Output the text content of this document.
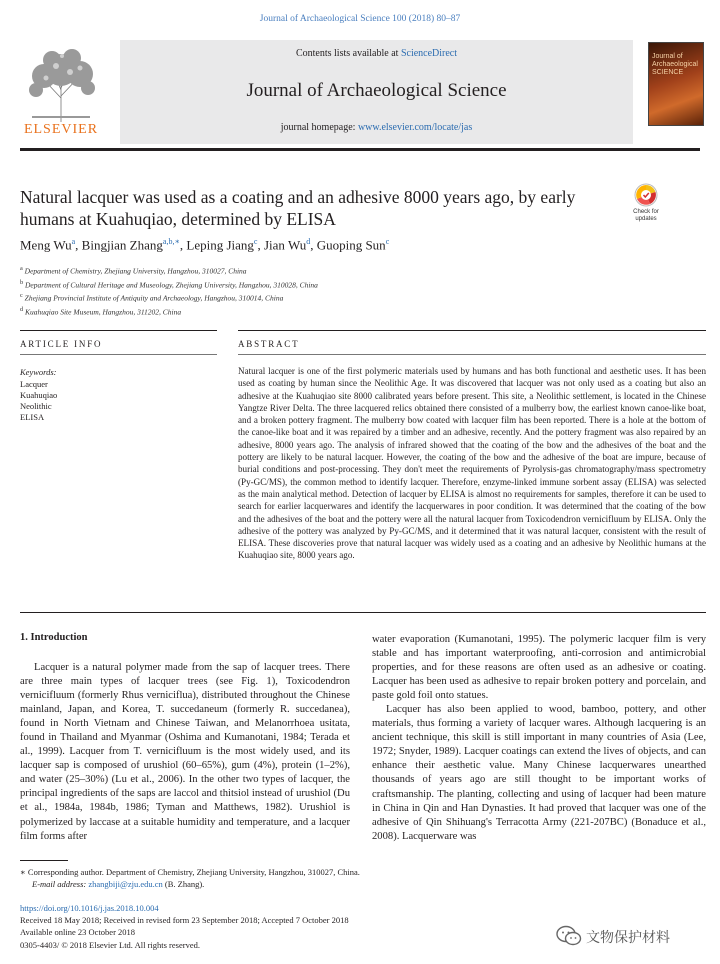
Journal of Archaeological Science 100 (2018) 80–87
ELSEVIER
Contents lists available at ScienceDirect
Journal of Archaeological Science
journal homepage: www.elsevier.com/locate/jas
Journal of Archaeological SCIENCE
Natural lacquer was used as a coating and an adhesive 8000 years ago, by early humans at Kuahuqiao, determined by ELISA	Check for
updates
Meng Wu$^a$, Bingjian Zhang$^{a,b,∗}$, Leping Jiang$^c$, Jian Wu$^d$, Guoping Sun$^c$
$^a$ Department of Chemistry, Zhejiang University, Hangzhou, 310027, China
$^b$ Department of Cultural Heritage and Museology, Zhejiang University, Hangzhou, 310028, China
$^c$ Zhejiang Provincial Institute of Antiquity and Archaeology, Hangzhou, 310014, China
$^d$ Kuahuqiao Site Museum, Hangzhou, 311202, China
ARTICLE INFO	ABSTRACT
Keywords:
Lacquer
Kuahuqiao
Neolithic
ELISA
Natural lacquer is one of the first polymeric materials used by humans and has both functional and aesthetic uses. It has been used as coating by human since the Neolithic Age. It was discovered that lacquer was not only used as a coating but also an adhesive at the Kuahuqiao site 8000 calibrated years before present. This site, a Neolithic settlement, is located in the Chinese Yangtze River Delta. The three lacquered relics obtained there consisted of a mulberry bow, the earliest known canoe-like boat, and a broken pottery fragment. The mulberry bow coated with lacquer film has been reported. There is a hole at the bottom of the canoe-like boat and it was repaired by a timber and an adhesive, recently. And the pottery fragment was also repaired by an adhesive, 8000 years ago. The analysis of infrared showed that the coating of the bow and the adhesives of the boat and the pottery are likely to be natural lacquer. However, the coating of the bow and the adhesive of the boat are impure, because of burial conditions and post-processing. They don't meet the requirements of Pyrolysis-gas chromatography/mass spectrometry (Py-GC/MS), the common method to identify lacquer. Therefore, enzyme-linked immune sorbent assay (ELISA) was selected as the main analytical method. Detection of lacquer by ELISA is almost no requirements for samples, therefore it can be used to search for earlier lacquerwares and identify the lacquerwares in poor condition. It was determined that the coating of the bow and the adhesives of the boat and the pottery were all the natural lacquer from Toxicodendron vernicifluum by ELISA. Only the adhesive of the pottery was analyzed by Py-GC/MS, and it determined that it was natural lacquer, consistent with the result of ELISA. These discoveries prove that natural lacquer was widely used as a coating and an adhesive by Neolithic humans at the Kuahuqiao site, 8000 years ago.
1. Introduction

Lacquer is a natural polymer made from the sap of lacquer trees. There are three main types of lacquer trees (see Fig. 1), Toxicodendron vernicifluum (formerly Rhus verniciflua), distributed throughout the Chinese mainland, Japan, and Korea, T. succedaneum (formerly R. succedanea), found in North Vietnam and Chinese Taiwan, and Melanorrhoea usitata, found in Thailand and Myanmar (Oshima and Kumanotani, 1984; Terada et al., 1999). Lacquer from T. vernicifluum is the most widely used, and its lacquer sap is composed of urushiol (60–65%), gum (4%), protein (1–2%), and water (25–30%) (Lu et al., 2006). In the other two types of lacquer, the principal ingredients of the saps are laccol and thitsiol instead of urushiol (Du et al., 1984a, 1984b, 1986; Tyman and Matthews, 1982). Urushiol is polymerized by laccase at a suitable humidity and temperature, and a lacquer film forms after

water evaporation (Kumanotani, 1995). The polymeric lacquer film is very stable and has important waterproofing, anti-corrosion and antimicrobial properties, and for these reasons are often used as an adhesive or coating. Lacquer has been used as adhesive to repair broken pottery and porcelain, and paste gold foil onto statues.

Lacquer has also been applied to wood, bamboo, pottery, and other materials, thus forming a variety of lacquer wares. Although lacquering is an ancient technique, this skill is still important in many countries of Asia (Lee, 1972; Snyder, 1989). Lacquer coatings can extend the lives of objects, and can enhance their aesthetic value. Many Chinese lacquerwares unearthed thousands of years ago are still thought to be important works of craftsmanship. The planting, collecting and using of lacquer had been mature in China in Qin and Han Dynasties. It had proved that lacquer was one of the adhesive of Qin Shihuang's Terracotta Army (221-207BC) (Bonaduce et al., 2008). Lacquerware was

∗ Corresponding author. Department of Chemistry, Zhejiang University, Hangzhou, 310027, China.
E-mail address: zhangbiji@zju.edu.cn (B. Zhang).
https://doi.org/10.1016/j.jas.2018.10.004
Received 18 May 2018; Received in revised form 23 September 2018; Accepted 7 October 2018
Available online 23 October 2018
0305-4403/ © 2018 Elsevier Ltd. All rights reserved.	文物保护材料
